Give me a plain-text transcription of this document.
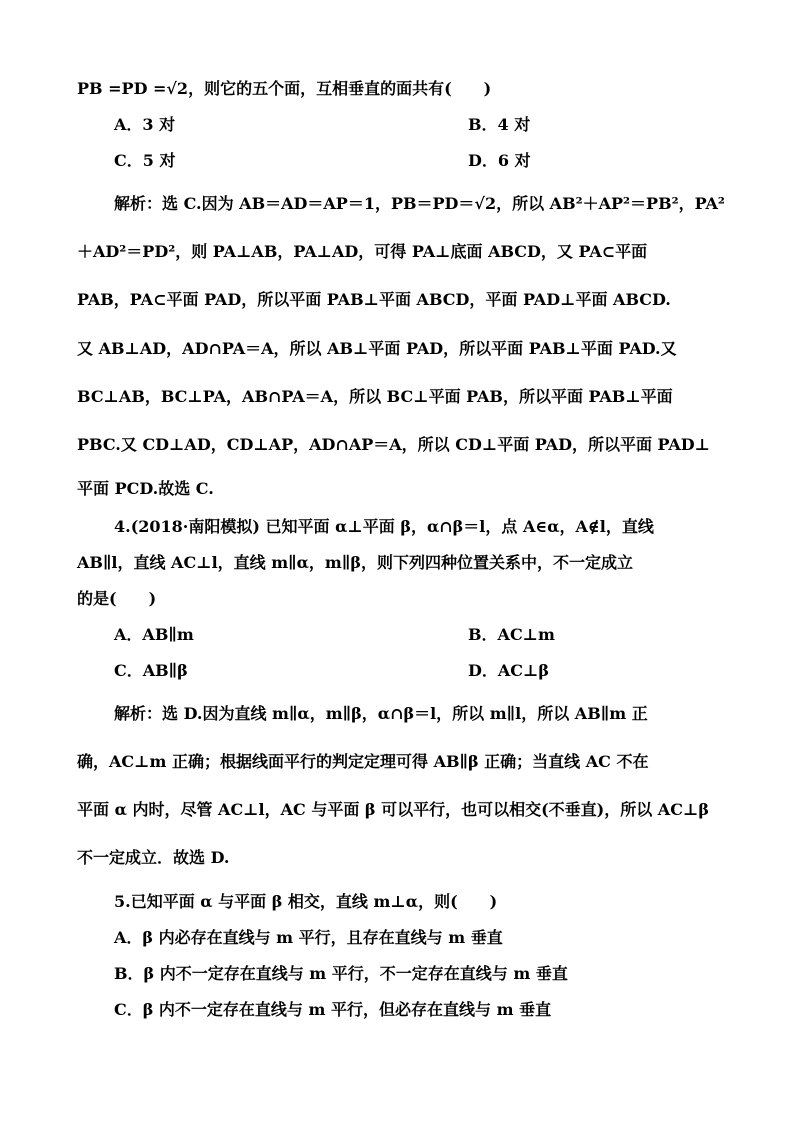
PB =PD =√2，则它的五个面，互相垂直的面共有(　　)
A．3 对	B．4 对
C．5 对	D．6 对
解析：选 C.因为 AB＝AD＝AP＝1，PB＝PD＝√2，所以 AB²＋AP²＝PB²，PA²
＋AD²＝PD²，则 PA⊥AB，PA⊥AD，可得 PA⊥底面 ABCD，又 PA⊂平面
PAB，PA⊂平面 PAD，所以平面 PAB⊥平面 ABCD，平面 PAD⊥平面 ABCD.
又 AB⊥AD，AD∩PA＝A，所以 AB⊥平面 PAD，所以平面 PAB⊥平面 PAD.又
BC⊥AB，BC⊥PA，AB∩PA＝A，所以 BC⊥平面 PAB，所以平面 PAB⊥平面
PBC.又 CD⊥AD，CD⊥AP，AD∩AP＝A，所以 CD⊥平面 PAD，所以平面 PAD⊥
平面 PCD.故选 C.
4.(2018·南阳模拟) 已知平面 α⊥平面 β，α∩β＝l，点 A∈α，A∉l，直线
AB∥l，直线 AC⊥l，直线 m∥α，m∥β，则下列四种位置关系中，不一定成立
的是(　　)
A．AB∥m	B．AC⊥m
C．AB∥β	D．AC⊥β
解析：选 D.因为直线 m∥α，m∥β，α∩β＝l，所以 m∥l，所以 AB∥m 正
确，AC⊥m 正确；根据线面平行的判定定理可得 AB∥β 正确；当直线 AC 不在
平面 α 内时，尽管 AC⊥l，AC 与平面 β 可以平行，也可以相交(不垂直)，所以 AC⊥β
不一定成立．故选 D.
5.已知平面 α 与平面 β 相交，直线 m⊥α，则(　　)
A．β 内必存在直线与 m 平行，且存在直线与 m 垂直
B．β 内不一定存在直线与 m 平行，不一定存在直线与 m 垂直
C．β 内不一定存在直线与 m 平行，但必存在直线与 m 垂直
